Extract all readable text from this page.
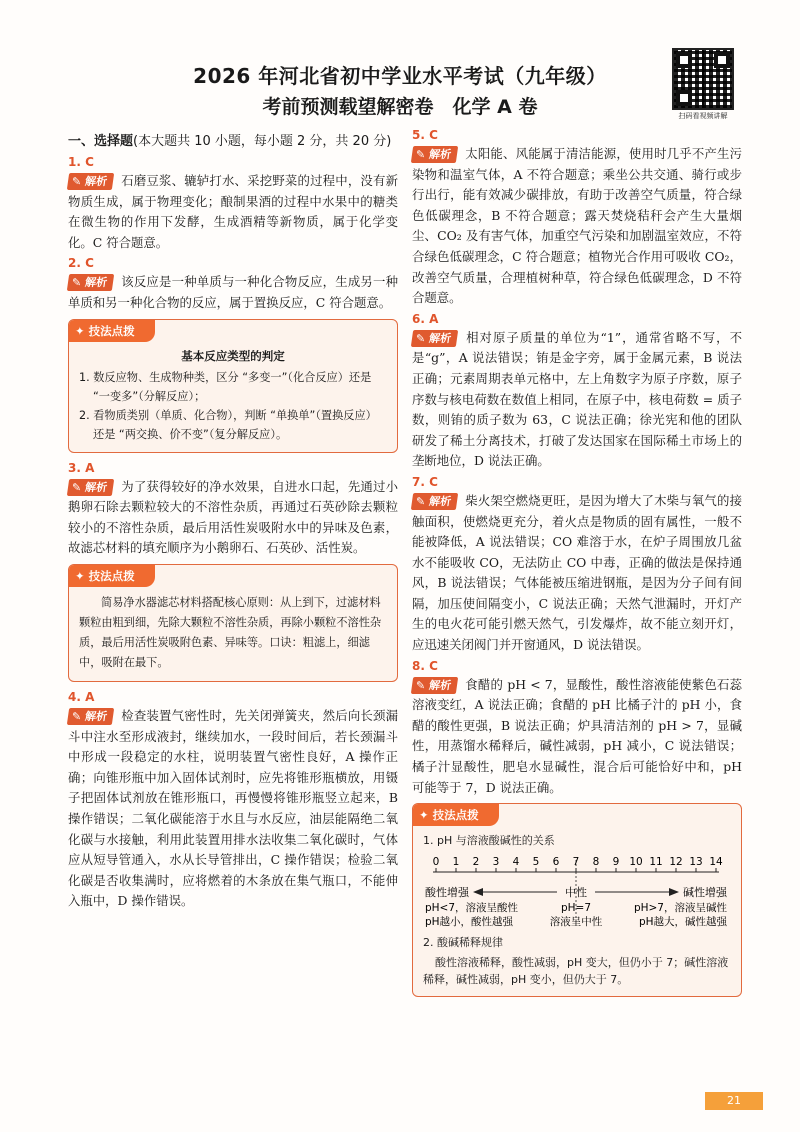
2026 年河北省初中学业水平考试（九年级）
考前预测载望解密卷　化学 A 卷	扫码看视频讲解
一、选择题(本大题共 10 小题，每小题 2 分，共 20 分)
1. C
✎ 解析 石磨豆浆、辘轳打水、采挖野菜的过程中，没有新物质生成，属于物理变化；酿制果酒的过程中水果中的糖类在微生物的作用下发酵，生成酒精等新物质，属于化学变化。C 符合题意。
2. C
✎ 解析 该反应是一种单质与一种化合物反应，生成另一种单质和另一种化合物的反应，属于置换反应，C 符合题意。
✦ 技法点拨
基本反应类型的判定
1. 数反应物、生成物种类，区分 “多变一”（化合反应）还是 “一变多”（分解反应）；
2. 看物质类别（单质、化合物），判断 “单换单”（置换反应）还是 “两交换、价不变”（复分解反应）。
3. A
✎ 解析 为了获得较好的净水效果，自进水口起，先通过小鹅卵石除去颗粒较大的不溶性杂质，再通过石英砂除去颗粒较小的不溶性杂质，最后用活性炭吸附水中的异味及色素，故滤芯材料的填充顺序为小鹅卵石、石英砂、活性炭。
✦ 技法点拨
简易净水器滤芯材料搭配核心原则：从上到下，过滤材料颗粒由粗到细，先除大颗粒不溶性杂质，再除小颗粒不溶性杂质，最后用活性炭吸附色素、异味等。口诀：粗滤上，细滤中，吸附在最下。
4. A
✎ 解析 检查装置气密性时，先关闭弹簧夹，然后向长颈漏斗中注水至形成液封，继续加水，一段时间后，若长颈漏斗中形成一段稳定的水柱，说明装置气密性良好，A 操作正确；向锥形瓶中加入固体试剂时，应先将锥形瓶横放，用镊子把固体试剂放在锥形瓶口，再慢慢将锥形瓶竖立起来，B 操作错误；二氧化碳能溶于水且与水反应，油层能隔绝二氧化碳与水接触，利用此装置用排水法收集二氧化碳时，气体应从短导管通入，水从长导管排出，C 操作错误；检验二氧化碳是否收集满时，应将燃着的木条放在集气瓶口，不能伸入瓶中，D 操作错误。
5. C
✎ 解析 太阳能、风能属于清洁能源，使用时几乎不产生污染物和温室气体，A 不符合题意；乘坐公共交通、骑行或步行出行，能有效减少碳排放，有助于改善空气质量，符合绿色低碳理念，B 不符合题意；露天焚烧秸秆会产生大量烟尘、CO₂ 及有害气体，加重空气污染和加剧温室效应，不符合绿色低碳理念，C 符合题意；植物光合作用可吸收 CO₂，改善空气质量，合理植树种草，符合绿色低碳理念，D 不符合题意。
6. A
✎ 解析 相对原子质量的单位为“1”，通常省略不写，不是“g”，A 说法错误；铕是金字旁，属于金属元素，B 说法正确；元素周期表单元格中，左上角数字为原子序数，原子序数与核电荷数在数值上相同，在原子中，核电荷数 = 质子数，则铕的质子数为 63，C 说法正确；徐光宪和他的团队研发了稀土分离技术，打破了发达国家在国际稀土市场上的垄断地位，D 说法正确。
7. C
✎ 解析 柴火架空燃烧更旺，是因为增大了木柴与氧气的接触面积，使燃烧更充分，着火点是物质的固有属性，一般不能被降低，A 说法错误；CO 难溶于水，在炉子周围放几盆水不能吸收 CO，无法防止 CO 中毒，正确的做法是保持通风，B 说法错误；气体能被压缩进钢瓶，是因为分子间有间隔，加压使间隔变小，C 说法正确；天然气泄漏时，开灯产生的电火花可能引燃天然气，引发爆炸，故不能立刻开灯，应迅速关闭阀门并开窗通风，D 说法错误。
8. C
✎ 解析 食醋的 pH < 7，显酸性，酸性溶液能使紫色石蕊溶液变红，A 说法正确；食醋的 pH 比橘子汁的 pH 小，食醋的酸性更强，B 说法正确；炉具清洁剂的 pH > 7，显碱性，用蒸馏水稀释后，碱性减弱，pH 减小，C 说法错误；橘子汁显酸性，肥皂水显碱性，混合后可能恰好中和，pH 可能等于 7，D 说法正确。
✦ 技法点拨
1. pH 与溶液酸碱性的关系
0 1 2 3 4 5 6 7 8 9 10 11 12 13 14
酸性增强	中性	碱性增强
pH<7，溶液呈酸性
pH越小，酸性越强
pH=7
溶液呈中性
pH>7，溶液呈碱性
pH越大，碱性越强
2. 酸碱稀释规律
酸性溶液稀释，酸性减弱，pH 变大，但仍小于 7；碱性溶液稀释，碱性减弱，pH 变小，但仍大于 7。
21
